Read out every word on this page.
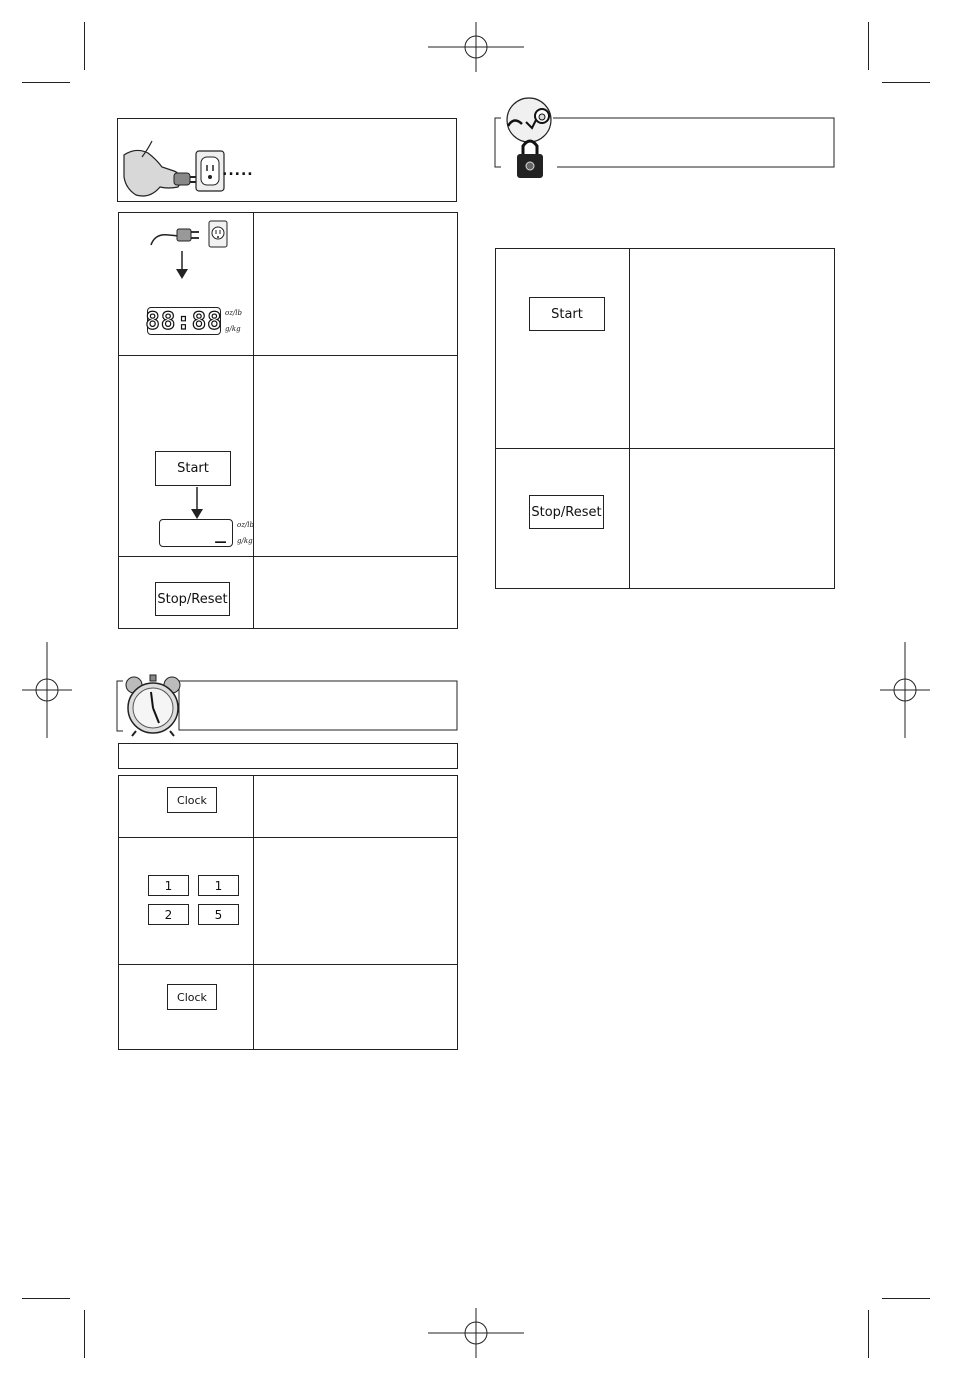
.....
88:88 oz/lb
g/kg
Start
_ oz/lb
g/kg
Stop/Reset
Clock
1	1
2	5
Clock
Start
Stop/Reset
